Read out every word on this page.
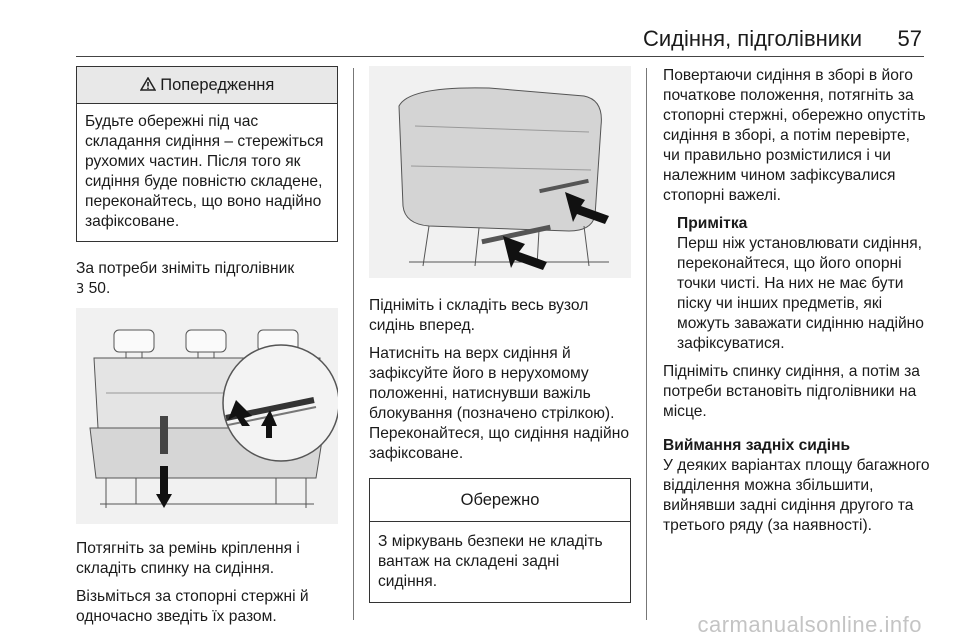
Сидіння, підголівники 57
Попередження
Будьте обережні під час складання сидіння – стережіться рухомих частин. Після того як сидіння буде повністю складене, переконайтесь, що воно надійно зафіксоване.

За потреби зніміть підголівник
3 50.

Потягніть за ремінь кріплення і складіть спинку на сидіння.

Візьміться за стопорні стержні й одночасно зведіть їх разом.

Підніміть і складіть весь вузол сидінь вперед.

Натисніть на верх сидіння й зафіксуйте його в нерухомому положенні, натиснувши важіль блокування (позначено стрілкою). Переконайтеся, що сидіння надійно зафіксоване.

Обережно
З міркувань безпеки не кладіть вантаж на складені задні сидіння.

Повертаючи сидіння в зборі в його початкове положення, потягніть за стопорні стержні, обережно опустіть сидіння в зборі, а потім перевірте, чи правильно розмістилися і чи належним чином зафіксувалися стопорні важелі.

Примітка

Перш ніж установлювати сидіння, переконайтеся, що його опорні точки чисті. На них не має бути піску чи інших предметів, які можуть заважати сидінню надійно зафіксуватися.

Підніміть спинку сидіння, а потім за потреби встановіть підголівники на місце.

Виймання задніх сидінь

У деяких варіантах площу багажного відділення можна збільшити, вийнявши задні сидіння другого та третього ряду (за наявності).

carmanualsonline.info
